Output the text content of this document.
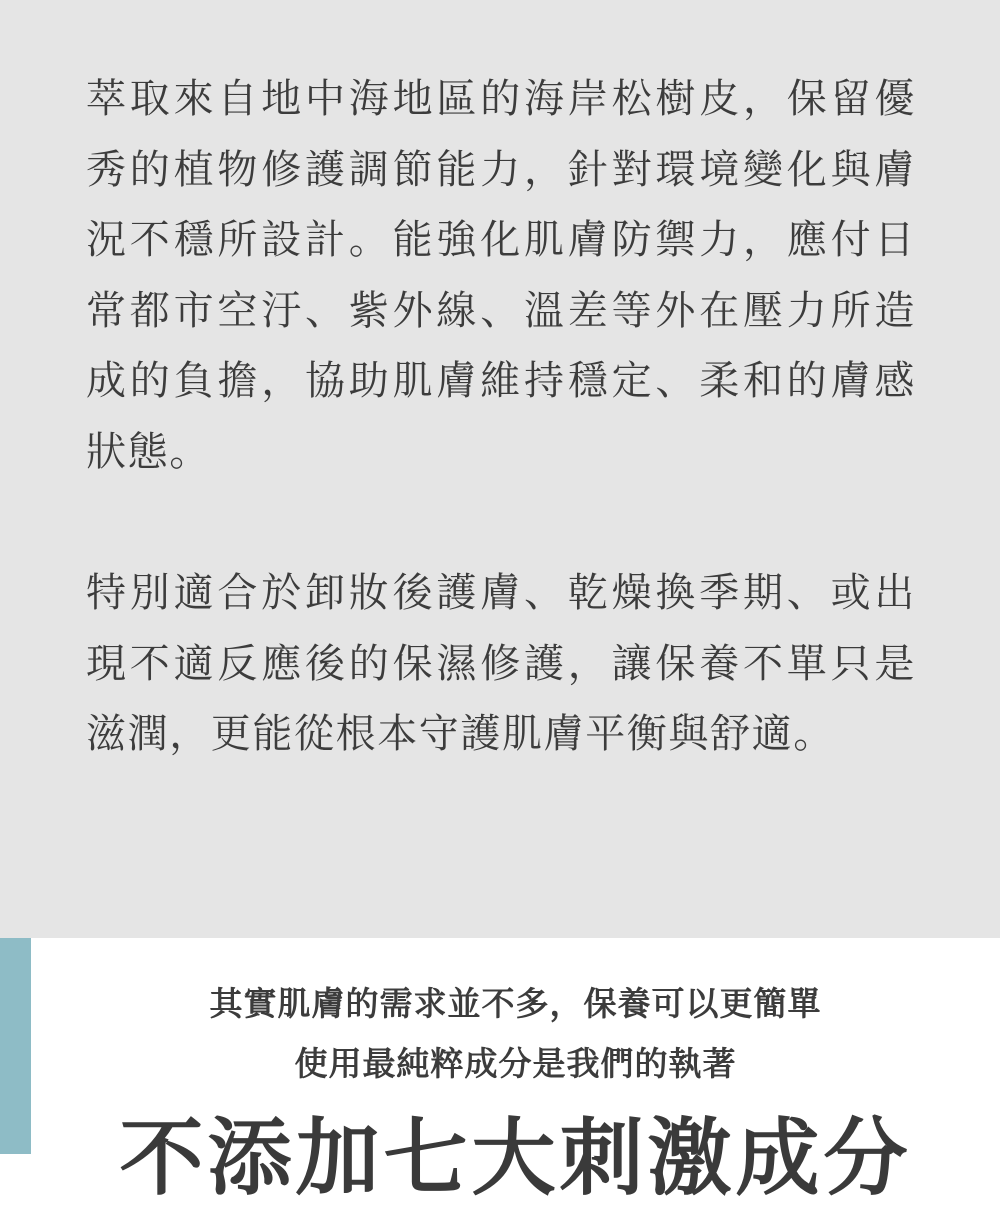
萃取來自地中海地區的海岸松樹皮，保留優秀的植物修護調節能力，針對環境變化與膚況不穩所設計。能強化肌膚防禦力，應付日常都市空汙、紫外線、溫差等外在壓力所造成的負擔，協助肌膚維持穩定、柔和的膚感狀態。

特別適合於卸妝後護膚、乾燥換季期、或出現不適反應後的保濕修護，讓保養不單只是滋潤，更能從根本守護肌膚平衡與舒適。

其實肌膚的需求並不多，保養可以更簡單

使用最純粹成分是我們的執著

不添加七大刺激成分
